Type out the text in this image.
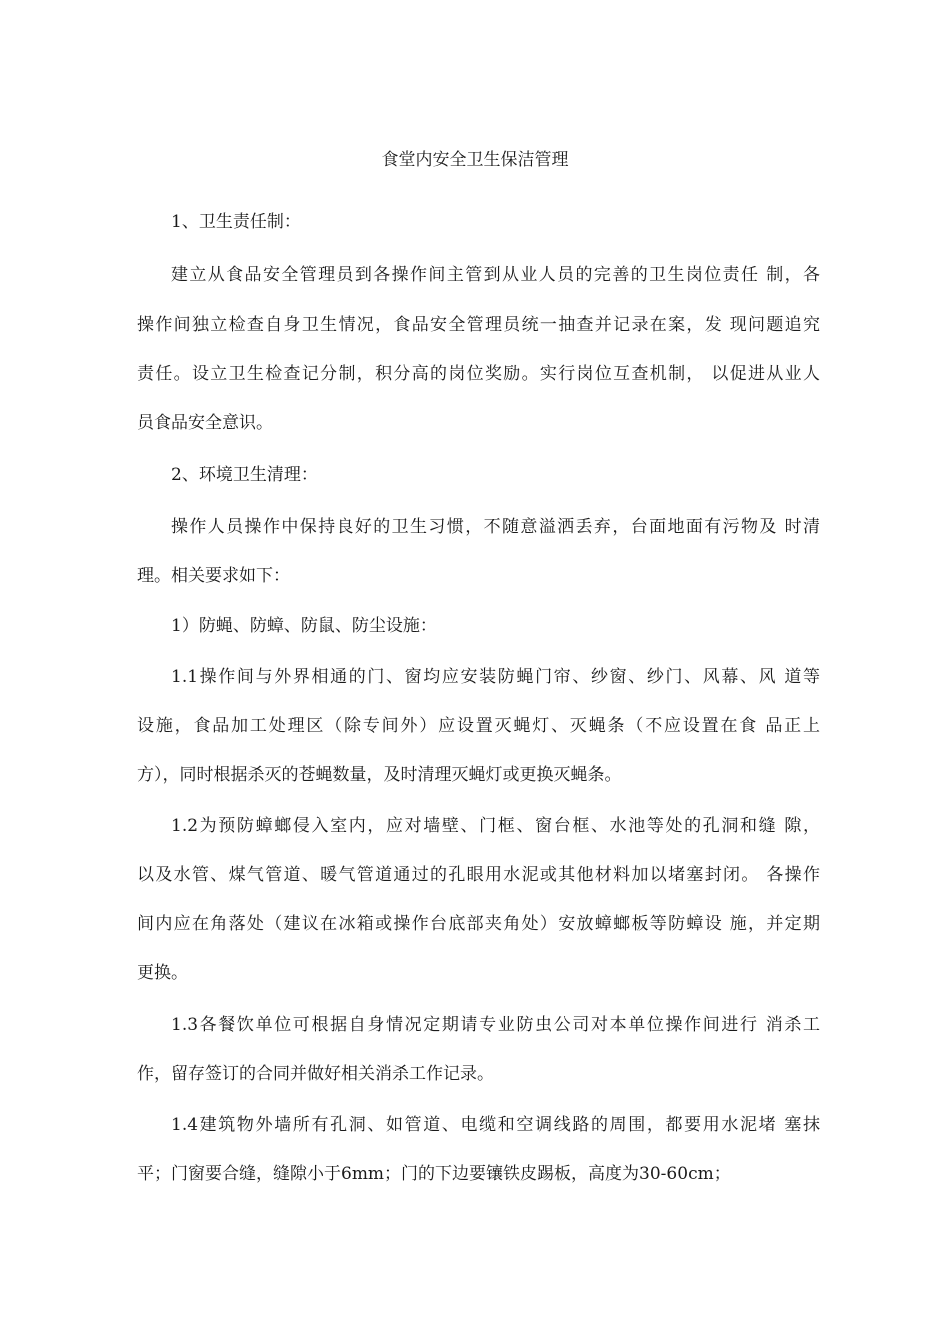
食堂内安全卫生保洁管理
1、卫生责任制：
建立从食品安全管理员到各操作间主管到从业人员的完善的卫生岗位责任 制，各
操作间独立检查自身卫生情况，食品安全管理员统一抽查并记录在案，发 现问题追究
责任。设立卫生检查记分制，积分高的岗位奖励。实行岗位互查机制， 以促进从业人
员食品安全意识。
2、环境卫生清理：
操作人员操作中保持良好的卫生习惯，不随意溢洒丢弃，台面地面有污物及 时清
理。相关要求如下：
1）防蝇、防蟑、防鼠、防尘设施：
1.1操作间与外界相通的门、窗均应安装防蝇门帘、纱窗、纱门、风幕、风 道等
设施，食品加工处理区（除专间外）应设置灭蝇灯、灭蝇条（不应设置在食 品正上
方），同时根据杀灭的苍蝇数量，及时清理灭蝇灯或更换灭蝇条。
1.2为预防蟑螂侵入室内，应对墙壁、门框、窗台框、水池等处的孔洞和缝 隙，
以及水管、煤气管道、暖气管道通过的孔眼用水泥或其他材料加以堵塞封闭。 各操作
间内应在角落处（建议在冰箱或操作台底部夹角处）安放蟑螂板等防蟑设 施，并定期
更换。
1.3各餐饮单位可根据自身情况定期请专业防虫公司对本单位操作间进行 消杀工
作，留存签订的合同并做好相关消杀工作记录。
1.4建筑物外墙所有孔洞、如管道、电缆和空调线路的周围，都要用水泥堵 塞抹
平；门窗要合缝，缝隙小于6mm；门的下边要镶铁皮踢板，高度为30-60cm；
